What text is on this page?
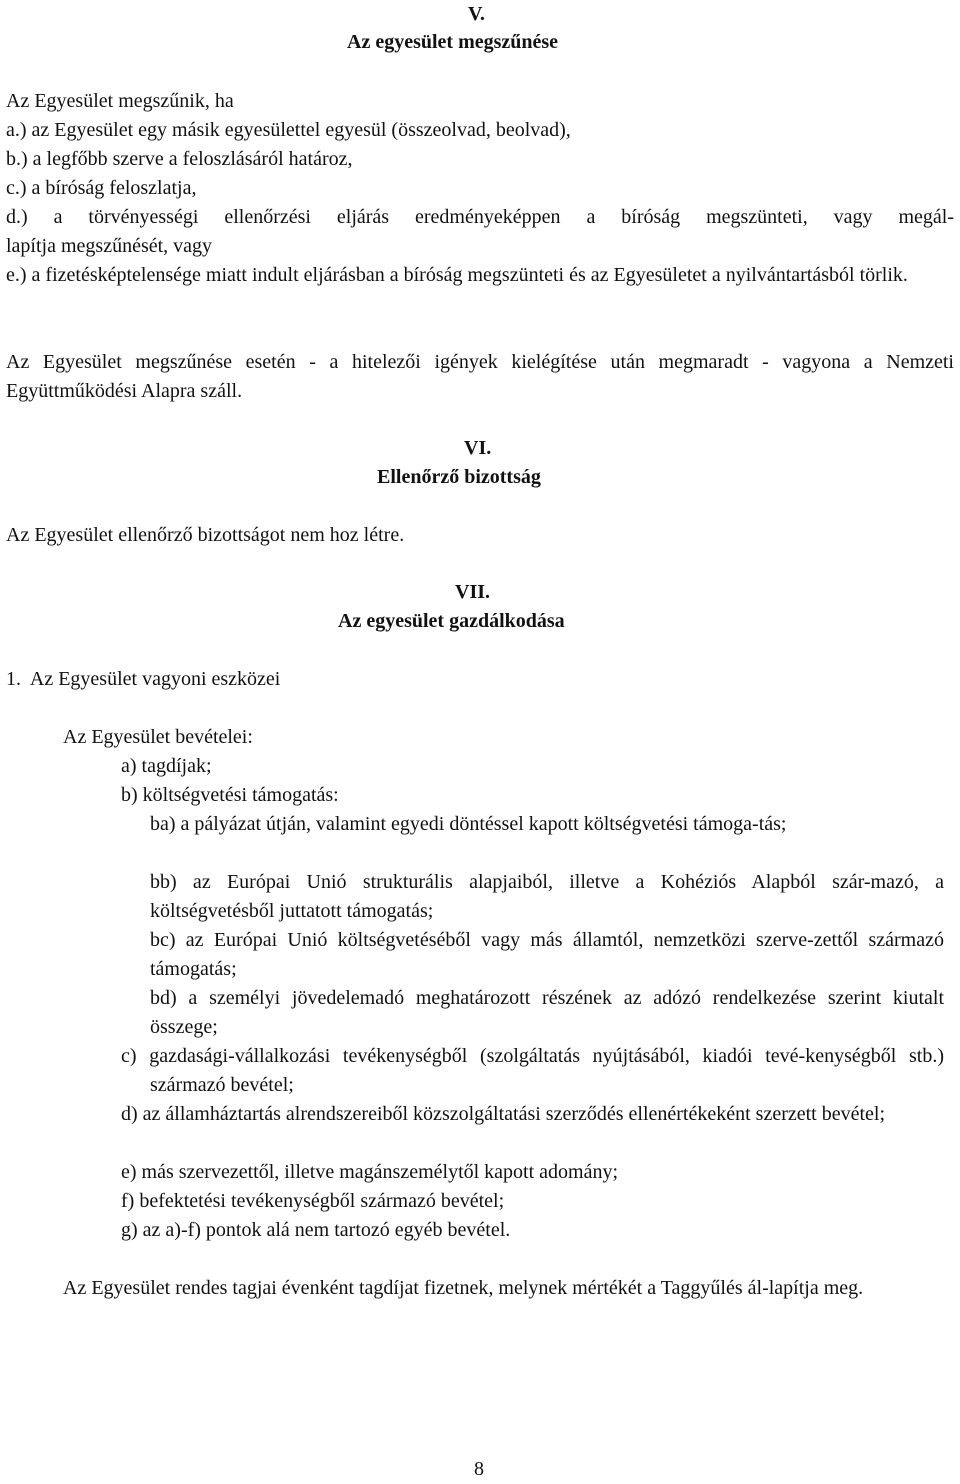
V.
Az egyesület megszűnése
Az Egyesület megszűnik, ha
a.) az Egyesület egy másik egyesülettel egyesül (összeolvad, beolvad),
b.) a legfőbb szerve a feloszlásáról határoz,
c.) a bíróság feloszlatja,
d.) a törvényességi ellenőrzési eljárás eredményeképpen a bíróság megszünteti, vagy megál-
lapítja megszűnését, vagy
e.) a fizetésképtelensége miatt indult eljárásban a bíróság megszünteti és az Egyesületet a nyilvántartásból törlik.
Az Egyesület megszűnése esetén - a hitelezői igények kielégítése után megmaradt - vagyona a Nemzeti Együttműködési Alapra száll.
VI.
Ellenőrző bizottság
Az Egyesület ellenőrző bizottságot nem hoz létre.
VII.
Az egyesület gazdálkodása
1.  Az Egyesület vagyoni eszközei
Az Egyesület bevételei:
a) tagdíjak;
b) költségvetési támogatás:
ba) a pályázat útján, valamint egyedi döntéssel kapott költségvetési támoga-tás;
bb) az Európai Unió strukturális alapjaiból, illetve a Kohéziós Alapból szár-mazó, a költségvetésből juttatott támogatás;
bc) az Európai Unió költségvetéséből vagy más államtól, nemzetközi szerve-zettől származó támogatás;
bd) a személyi jövedelemadó meghatározott részének az adózó rendelkezése szerint kiutalt összege;
c) gazdasági-vállalkozási tevékenységből (szolgáltatás nyújtásából, kiadói tevé-kenységből stb.) származó bevétel;
d) az államháztartás alrendszereiből közszolgáltatási szerződés ellenértékeként szerzett bevétel;
e) más szervezettől, illetve magánszemélytől kapott adomány;
f) befektetési tevékenységből származó bevétel;
g) az a)-f) pontok alá nem tartozó egyéb bevétel.
Az Egyesület rendes tagjai évenként tagdíjat fizetnek, melynek mértékét a Taggyűlés ál-lapítja meg.
8
